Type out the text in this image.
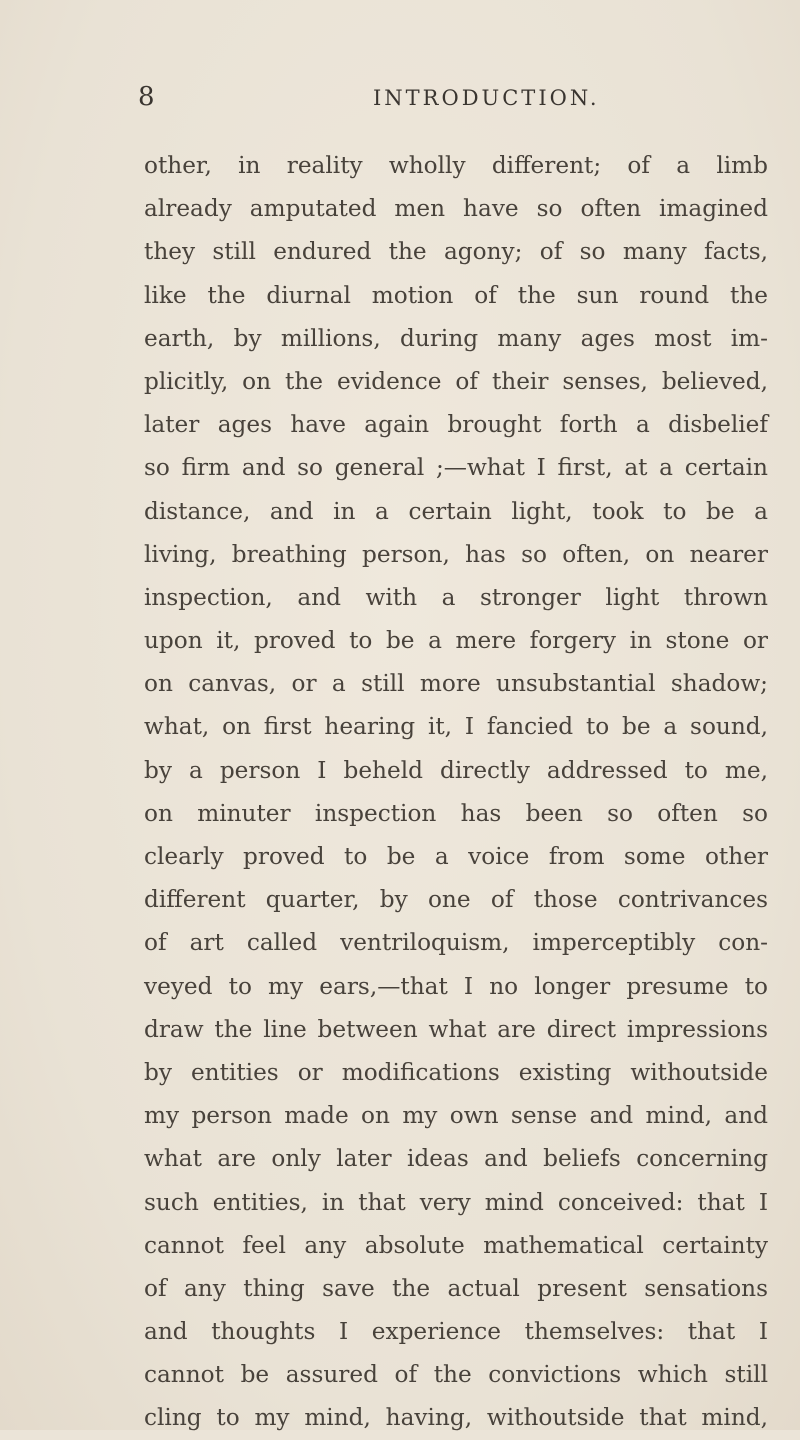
8	INTRODUCTION.
other, in reality wholly different; of a limb
already amputated men have so often imagined
they still endured the agony; of so many facts,
like the diurnal motion of the sun round the
earth, by millions, during many ages most im-
plicitly, on the evidence of their senses, believed,
later ages have again brought forth a disbelief
so firm and so general ;—what I first, at a certain
distance, and in a certain light, took to be a
living, breathing person, has so often, on nearer
inspection, and with a stronger light thrown
upon it, proved to be a mere forgery in stone or
on canvas, or a still more unsubstantial shadow;
what, on first hearing it, I fancied to be a sound,
by a person I beheld directly addressed to me,
on minuter inspection has been so often so
clearly proved to be a voice from some other
different quarter, by one of those contrivances
of art called ventriloquism, imperceptibly con-
veyed to my ears,—that I no longer presume to
draw the line between what are direct impressions
by entities or modifications existing withoutside
my person made on my own sense and mind, and
what are only later ideas and beliefs concerning
such entities, in that very mind conceived: that I
cannot feel any absolute mathematical certainty
of any thing save the actual present sensations
and thoughts I experience themselves: that I
cannot be assured of the convictions which still
cling to my mind, having, withoutside that mind,
